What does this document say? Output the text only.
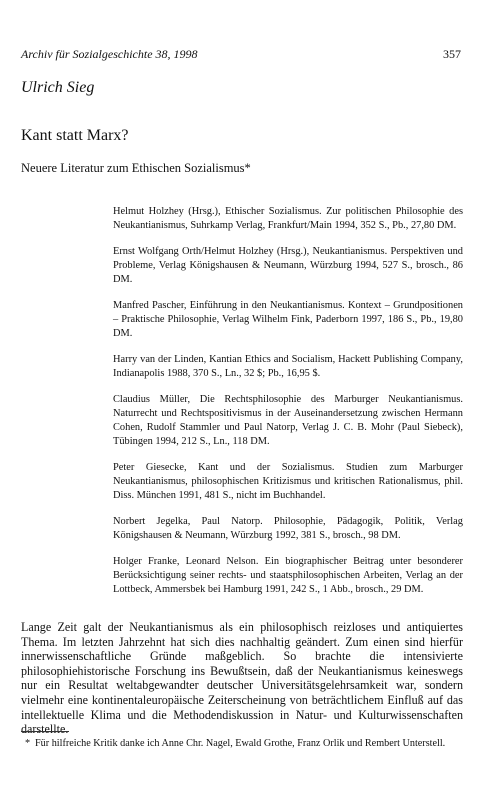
Archiv für Sozialgeschichte 38, 1998	357
Ulrich Sieg
Kant statt Marx?
Neuere Literatur zum Ethischen Sozialismus*

Helmut Holzhey (Hrsg.), Ethischer Sozialismus. Zur politischen Philosophie des Neukantianismus, Suhrkamp Verlag, Frankfurt/Main 1994, 352 S., Pb., 27,80 DM.

Ernst Wolfgang Orth/Helmut Holzhey (Hrsg.), Neukantianismus. Perspektiven und Probleme, Verlag Königshausen & Neumann, Würzburg 1994, 527 S., brosch., 86 DM.

Manfred Pascher, Einführung in den Neukantianismus. Kontext – Grundpositionen – Praktische Philosophie, Verlag Wilhelm Fink, Paderborn 1997, 186 S., Pb., 19,80 DM.

Harry van der Linden, Kantian Ethics and Socialism, Hackett Publishing Company, Indianapolis 1988, 370 S., Ln., 32 $; Pb., 16,95 $.

Claudius Müller, Die Rechtsphilosophie des Marburger Neukantianismus. Naturrecht und Rechtspositivismus in der Auseinandersetzung zwischen Hermann Cohen, Rudolf Stammler und Paul Natorp, Verlag J. C. B. Mohr (Paul Siebeck), Tübingen 1994, 212 S., Ln., 118 DM.

Peter Giesecke, Kant und der Sozialismus. Studien zum Marburger Neukantianismus, philosophischen Kritizismus und kritischen Rationalismus, phil. Diss. München 1991, 481 S., nicht im Buchhandel.

Norbert Jegelka, Paul Natorp. Philosophie, Pädagogik, Politik, Verlag Königshausen & Neumann, Würzburg 1992, 381 S., brosch., 98 DM.

Holger Franke, Leonard Nelson. Ein biographischer Beitrag unter besonderer Berücksichtigung seiner rechts- und staatsphilosophischen Arbeiten, Verlag an der Lottbeck, Ammersbek bei Hamburg 1991, 242 S., 1 Abb., brosch., 29 DM.

Lange Zeit galt der Neukantianismus als ein philosophisch reizloses und antiquiertes Thema. Im letzten Jahrzehnt hat sich dies nachhaltig geändert. Zum einen sind hierfür innerwissenschaftliche Gründe maßgeblich. So brachte die intensivierte philosophiehistorische Forschung ins Bewußtsein, daß der Neukantianismus keineswegs nur ein Resultat weltabgewandter deutscher Universitätsgelehrsamkeit war, sondern vielmehr eine kontinentaleuropäische Zeiterscheinung von beträchtlichem Einfluß auf das intellektuelle Klima und die Methodendiskussion in Natur- und Kulturwissenschaften darstellte.
* Für hilfreiche Kritik danke ich Anne Chr. Nagel, Ewald Grothe, Franz Orlik und Rembert Unterstell.
